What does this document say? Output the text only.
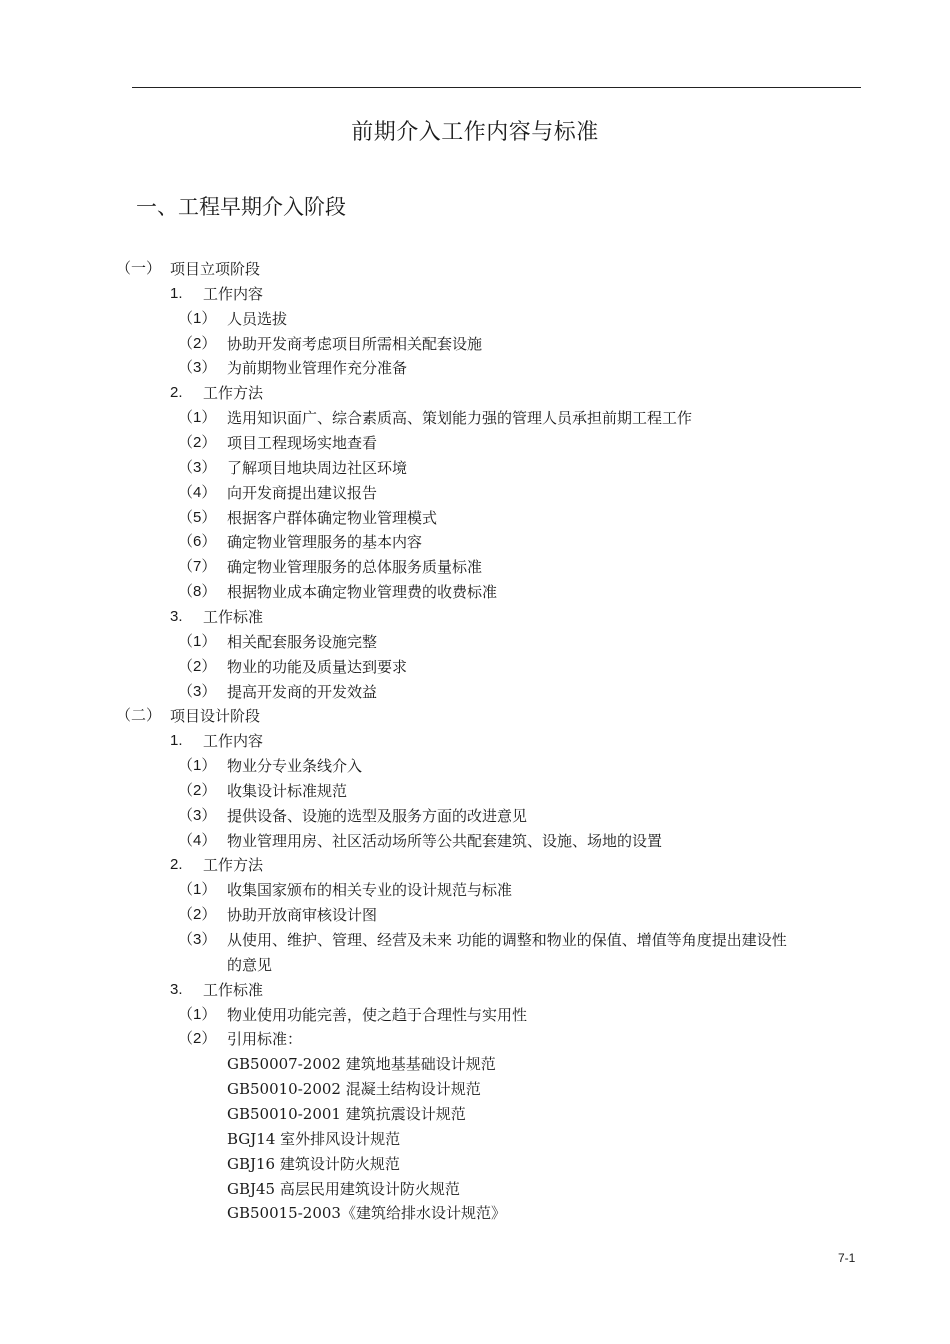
前期介入工作内容与标准
一、工程早期介入阶段
（一） 项目立项阶段
1. 工作内容
（1） 人员选拔
（2） 协助开发商考虑项目所需相关配套设施
（3） 为前期物业管理作充分准备
2. 工作方法
（1） 选用知识面广、综合素质高、策划能力强的管理人员承担前期工程工作
（2） 项目工程现场实地查看
（3） 了解项目地块周边社区环境
（4） 向开发商提出建议报告
（5） 根据客户群体确定物业管理模式
（6） 确定物业管理服务的基本内容
（7） 确定物业管理服务的总体服务质量标准
（8） 根据物业成本确定物业管理费的收费标准
3. 工作标准
（1） 相关配套服务设施完整
（2） 物业的功能及质量达到要求
（3） 提高开发商的开发效益
（二） 项目设计阶段
1. 工作内容
（1） 物业分专业条线介入
（2） 收集设计标准规范
（3） 提供设备、设施的选型及服务方面的改进意见
（4） 物业管理用房、社区活动场所等公共配套建筑、设施、场地的设置
2. 工作方法
（1） 收集国家颁布的相关专业的设计规范与标准
（2） 协助开放商审核设计图
（3） 从使用、维护、管理、经营及未来 功能的调整和物业的保值、增值等角度提出建设性
的意见
3. 工作标准
（1） 物业使用功能完善，使之趋于合理性与实用性
（2） 引用标准：
GB50007-2002 建筑地基基础设计规范
GB50010-2002 混凝土结构设计规范
GB50010-2001 建筑抗震设计规范
BGJ14 室外排风设计规范
GBJ16 建筑设计防火规范
GBJ45 高层民用建筑设计防火规范
GB50015-2003《建筑给排水设计规范》
7-1
